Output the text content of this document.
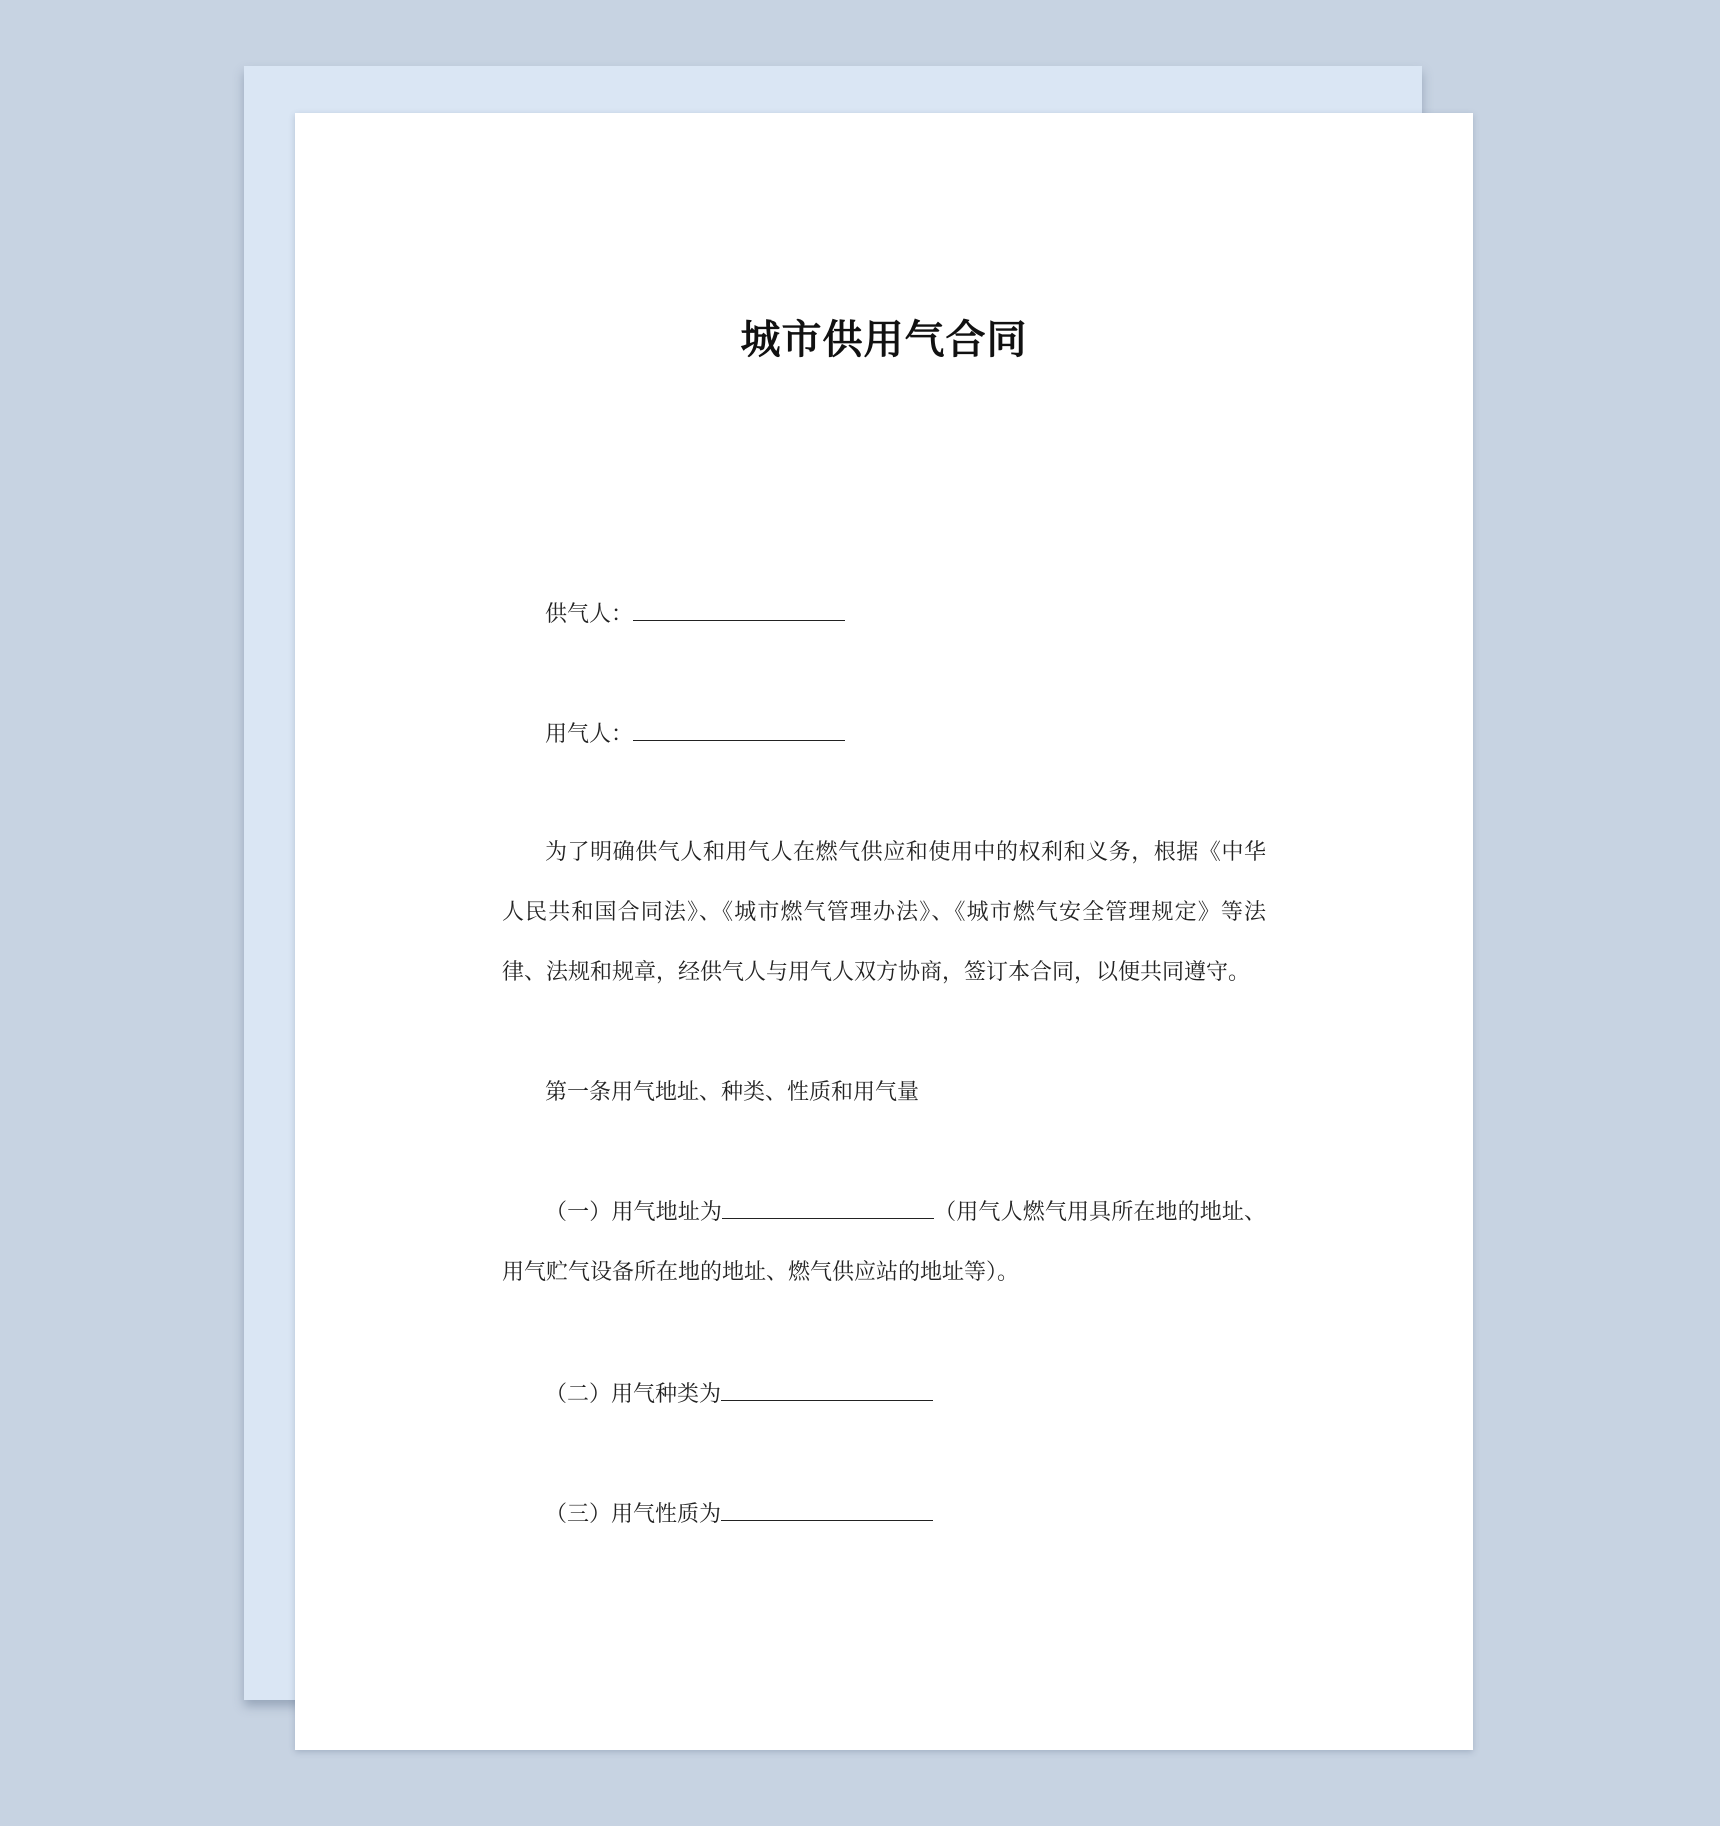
城市供用气合同
供气人：
用气人：
为了明确供气人和用气人在燃气供应和使用中的权利和义务，根据《中华人民共和国合同法》、《城市燃气管理办法》、《城市燃气安全管理规定》等法律、法规和规章，经供气人与用气人双方协商，签订本合同，以便共同遵守。
第一条用气地址、种类、性质和用气量
（一）用气地址为	（用气人燃气用具所在地的地址、用气贮气设备所在地的地址、燃气供应站的地址等）。
（二）用气种类为
（三）用气性质为
